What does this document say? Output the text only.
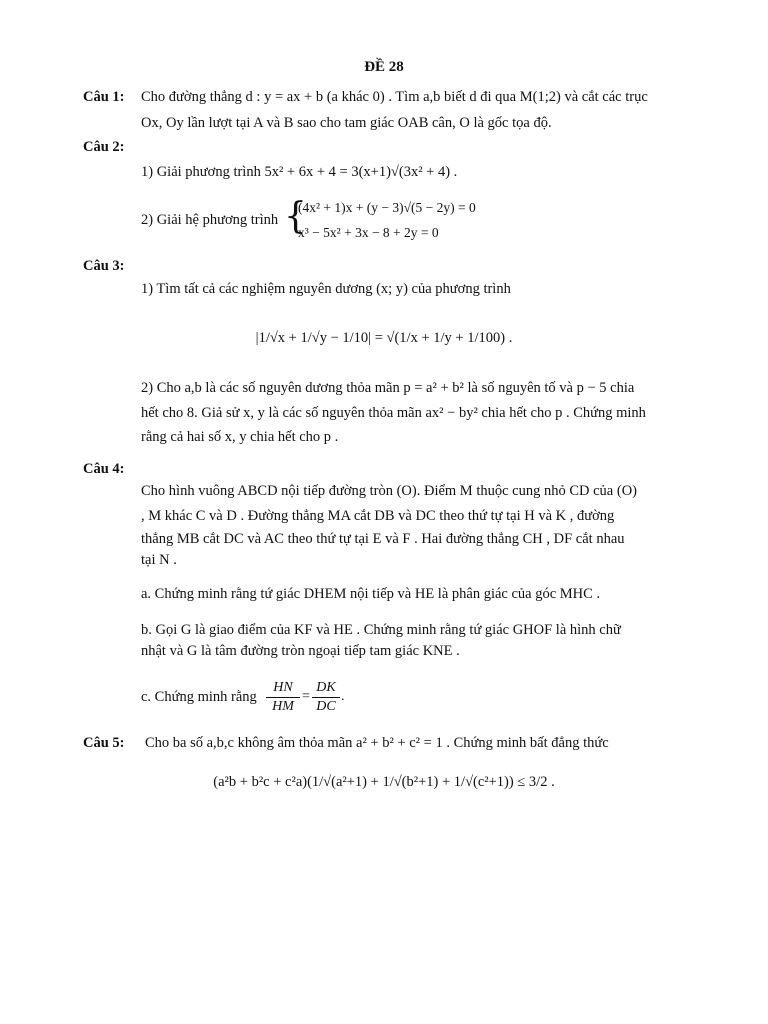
ĐỀ 28
Câu 1: Cho đường thẳng d : y = ax + b (a khác 0) . Tìm a,b biết d đi qua M(1;2) và cắt các trục
Ox, Oy lần lượt tại A và B sao cho tam giác OAB cân, O là gốc tọa độ.
Câu 2:
1) Giải phương trình 5x² + 6x + 4 = 3(x+1)√(3x² + 4) .
2) Giải hệ phương trình {
(4x² + 1)x + (y − 3)√(5 − 2y) = 0
x³ − 5x² + 3x − 8 + 2y = 0
Câu 3:
1) Tìm tất cả các nghiệm nguyên dương (x; y) của phương trình
|1/√x + 1/√y − 1/10| = √(1/x + 1/y + 1/100) .
2) Cho a,b là các số nguyên dương thỏa mãn p = a² + b² là số nguyên tố và p − 5 chia
hết cho 8. Giả sử x, y là các số nguyên thỏa mãn ax² − by² chia hết cho p . Chứng minh
rằng cả hai số x, y chia hết cho p .
Câu 4:
Cho hình vuông ABCD nội tiếp đường tròn (O). Điểm M thuộc cung nhỏ CD của (O)
, M khác C và D . Đường thẳng MA cắt DB và DC theo thứ tự tại H và K , đường
thẳng MB cắt DC và AC theo thứ tự tại E và F . Hai đường thẳng CH , DF cắt nhau
tại N .
a. Chứng minh rằng tứ giác DHEM nội tiếp và HE là phân giác của góc MHC .
b. Gọi G là giao điểm của KF và HE . Chứng minh rằng tứ giác GHOF là hình chữ
nhật và G là tâm đường tròn ngoại tiếp tam giác KNE .
c. Chứng minh rằng $\frac{HN}{HM} = \frac{DK}{DC}$ .
Câu 5: Cho ba số a,b,c không âm thỏa mãn a² + b² + c² = 1 . Chứng minh bất đẳng thức
(a²b + b²c + c²a)(1/√(a²+1) + 1/√(b²+1) + 1/√(c²+1)) ≤ 3/2 .
